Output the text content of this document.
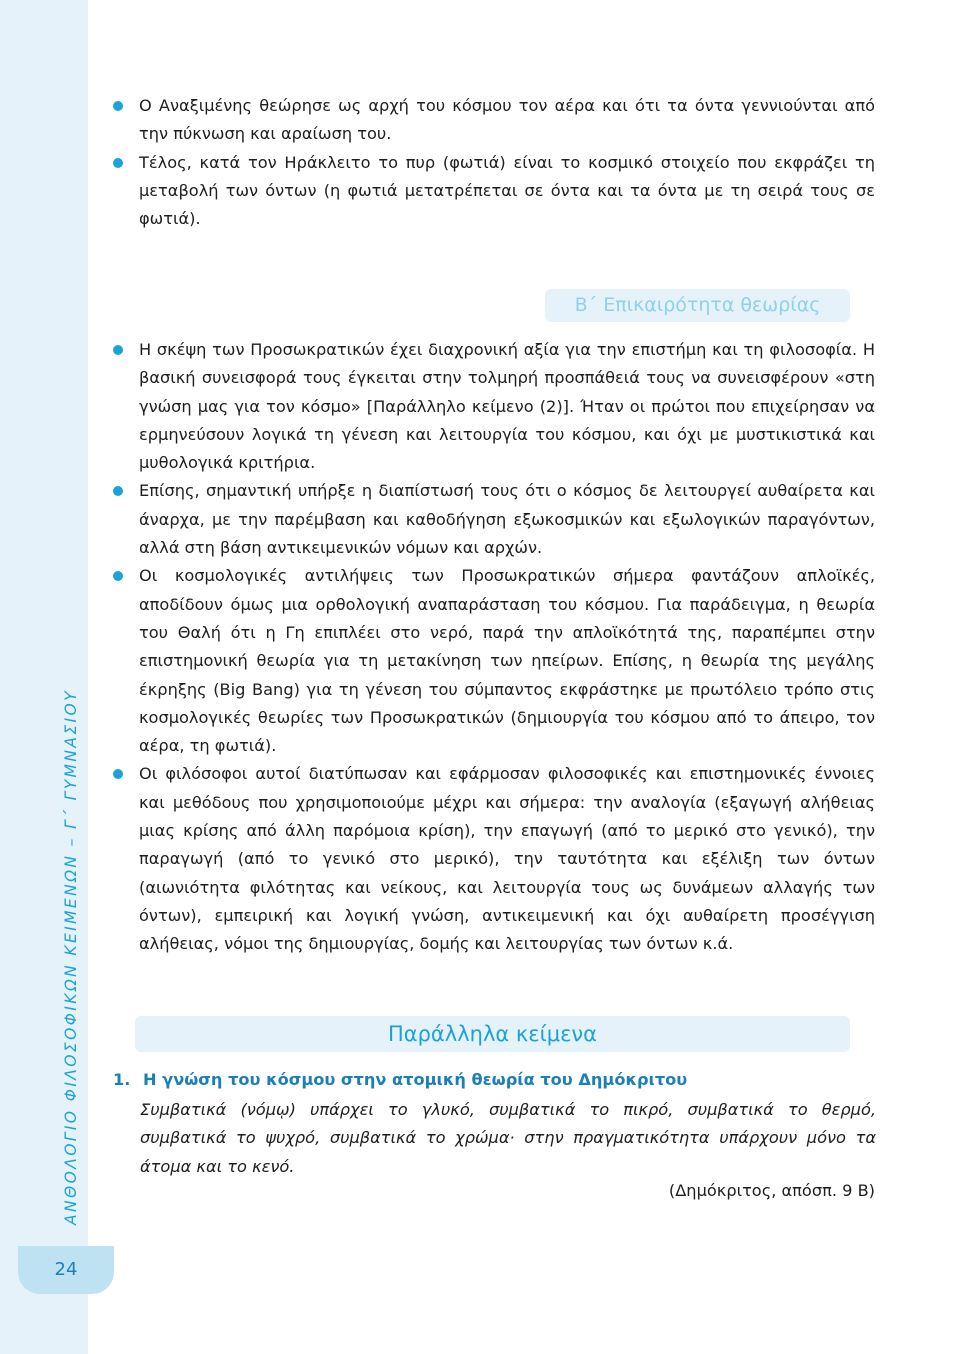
ΑΝΘΟΛΟΓΙΟ ΦΙΛΟΣΟΦΙΚΩΝ ΚΕΙΜΕΝΩΝ – Γ΄ ΓΥΜΝΑΣΙΟΥ
24
Ο Αναξιμένης θεώρησε ως αρχή του κόσμου τον αέρα και ότι τα όντα γεννιούνται από την πύκνωση και αραίωση του.
Τέλος, κατά τον Ηράκλειτο το πυρ (φωτιά) είναι το κοσμικό στοιχείο που εκφράζει τη μεταβολή των όντων (η φωτιά μετατρέπεται σε όντα και τα όντα με τη σειρά τους σε φωτιά).
Β΄ Επικαιρότητα θεωρίας
Η σκέψη των Προσωκρατικών έχει διαχρονική αξία για την επιστήμη και τη φιλοσοφία. Η βασική συνεισφορά τους έγκειται στην τολμηρή προσπάθειά τους να συνεισφέρουν «στη γνώση μας για τον κόσμο» [Παράλληλο κείμενο (2)]. Ήταν οι πρώτοι που επιχείρησαν να ερμηνεύσουν λογικά τη γένεση και λειτουργία του κόσμου, και όχι με μυστικιστικά και μυθολογικά κριτήρια.
Επίσης, σημαντική υπήρξε η διαπίστωσή τους ότι ο κόσμος δε λειτουργεί αυθαίρετα και άναρχα, με την παρέμβαση και καθοδήγηση εξωκοσμικών και εξωλογικών παραγόντων, αλλά στη βάση αντικειμενικών νόμων και αρχών.
Οι κοσμολογικές αντιλήψεις των Προσωκρατικών σήμερα φαντάζουν απλοϊκές, αποδίδουν όμως μια ορθολογική αναπαράσταση του κόσμου. Για παράδειγμα, η θεωρία του Θαλή ότι η Γη επιπλέει στο νερό, παρά την απλοϊκότητά της, παραπέμπει στην επιστημονική θεωρία για τη μετακίνηση των ηπείρων. Επίσης, η θεωρία της μεγάλης έκρηξης (Big Bang) για τη γένεση του σύμπαντος εκφράστηκε με πρωτόλειο τρόπο στις κοσμολογικές θεωρίες των Προσωκρατικών (δημιουργία του κόσμου από το άπειρο, τον αέρα, τη φωτιά).
Οι φιλόσοφοι αυτοί διατύπωσαν και εφάρμοσαν φιλοσοφικές και επιστημονικές έννοιες και μεθόδους που χρησιμοποιούμε μέχρι και σήμερα: την αναλογία (εξαγωγή αλήθειας μιας κρίσης από άλλη παρόμοια κρίση), την επαγωγή (από το μερικό στο γενικό), την παραγωγή (από το γενικό στο μερικό), την ταυτότητα και εξέλιξη των όντων (αιωνιότητα φιλότητας και νείκους, και λειτουργία τους ως δυνάμεων αλλαγής των όντων), εμπειρική και λογική γνώση, αντικειμενική και όχι αυθαίρετη προσέγγιση αλήθειας, νόμοι της δημιουργίας, δομής και λειτουργίας των όντων κ.ά.
Παράλληλα κείμενα
1. Η γνώση του κόσμου στην ατομική θεωρία του Δημόκριτου
Συμβατικά (νόμῳ) υπάρχει το γλυκό, συμβατικά το πικρό, συμβατικά το θερμό, συμβατικά το ψυχρό, συμβατικά το χρώμα· στην πραγματικότητα υπάρχουν μόνο τα άτομα και το κενό.
(Δημόκριτος, απόσπ. 9 Β)
